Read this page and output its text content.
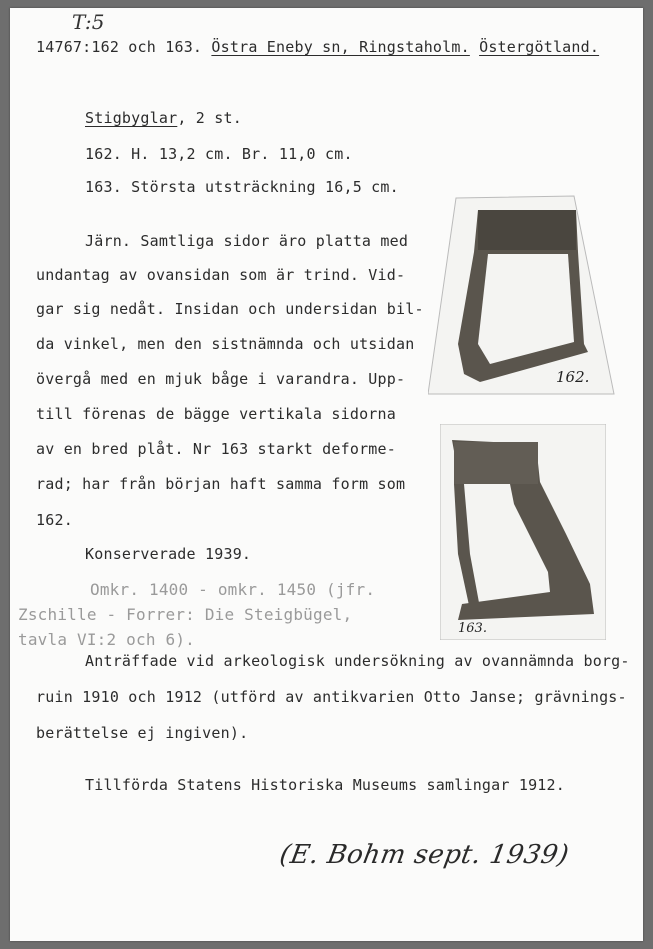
T:5
14767:162 och 163. Östra Eneby sn, Ringstaholm. Östergötland.
Stigbyglar, 2 st.
162. H. 13,2 cm. Br. 11,0 cm.
163. Största utsträckning 16,5 cm.
Järn. Samtliga sidor äro platta med
undantag av ovansidan som är trind. Vid-
gar sig nedåt. Insidan och undersidan bil-
da vinkel, men den sistnämnda och utsidan
övergå med en mjuk båge i varandra. Upp-
till förenas de bägge vertikala sidorna
av en bred plåt. Nr 163 starkt deforme-
rad; har från början haft samma form som
162.
Konserverade 1939.
Omkr. 1400 - omkr. 1450 (jfr.
Zschille - Forrer: Die Steigbügel,
tavla VI:2 och 6).
Anträffade vid arkeologisk undersökning av ovannämnda borg-
ruin 1910 och 1912 (utförd av antikvarien Otto Janse; grävnings-
berättelse ej ingiven).
Tillförda Statens Historiska Museums samlingar 1912.
162.
163.
(E. Bohm sept. 1939)
